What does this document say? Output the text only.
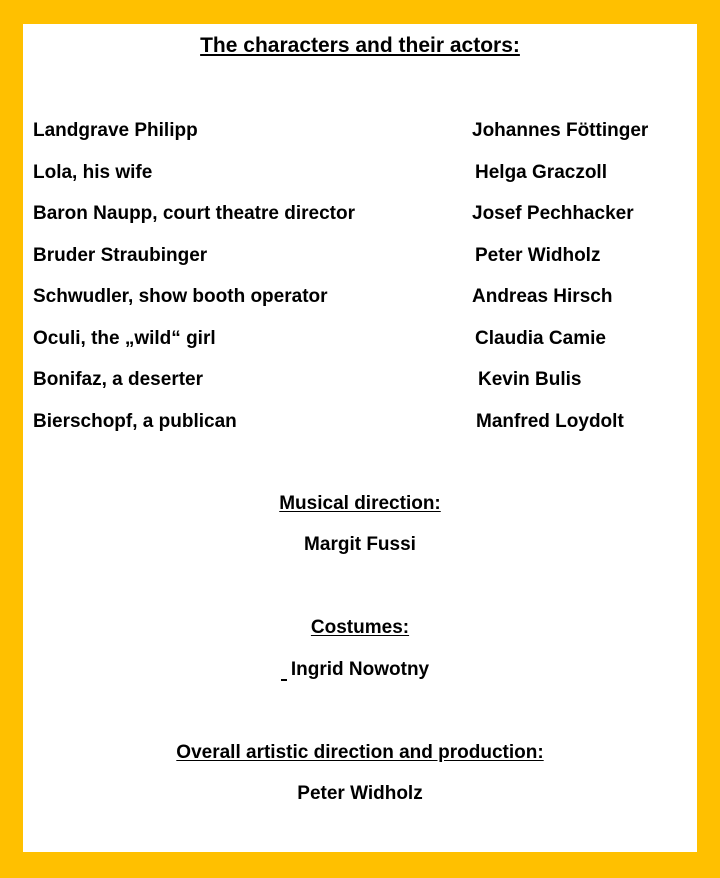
The characters and their actors:
Landgrave Philipp	Johannes Föttinger
Lola, his wife	Helga Graczoll
Baron Naupp, court theatre director	Josef Pechhacker
Bruder Straubinger	Peter Widholz
Schwudler, show booth operator	Andreas Hirsch
Oculi, the „wild“ girl	Claudia Camie
Bonifaz, a deserter	Kevin Bulis
Bierschopf, a publican	Manfred Loydolt
Musical direction:
Margit Fussi
Costumes:
Ingrid Nowotny
Overall artistic direction and production:
Peter Widholz
